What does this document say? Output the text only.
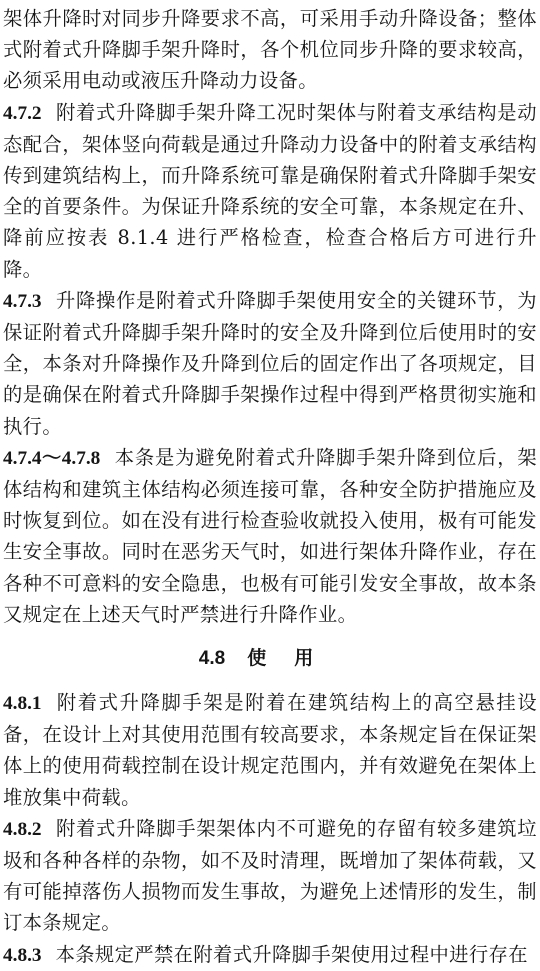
架体升降时对同步升降要求不高，可采用手动升降设备；整体式附着式升降脚手架升降时，各个机位同步升降的要求较高，必须采用电动或液压升降动力设备。

4.7.2 附着式升降脚手架升降工况时架体与附着支承结构是动态配合，架体竖向荷载是通过升降动力设备中的附着支承结构传到建筑结构上，而升降系统可靠是确保附着式升降脚手架安全的首要条件。为保证升降系统的安全可靠，本条规定在升、降前应按表 8.1.4 进行严格检查，检查合格后方可进行升降。

4.7.3 升降操作是附着式升降脚手架使用安全的关键环节，为保证附着式升降脚手架升降时的安全及升降到位后使用时的安全，本条对升降操作及升降到位后的固定作出了各项规定，目的是确保在附着式升降脚手架操作过程中得到严格贯彻实施和执行。

4.7.4～4.7.8 本条是为避免附着式升降脚手架升降到位后，架体结构和建筑主体结构必须连接可靠，各种安全防护措施应及时恢复到位。如在没有进行检查验收就投入使用，极有可能发生安全事故。同时在恶劣天气时，如进行架体升降作业，存在各种不可意料的安全隐患，也极有可能引发安全事故，故本条又规定在上述天气时严禁进行升降作业。

4.8 使用

4.8.1 附着式升降脚手架是附着在建筑结构上的高空悬挂设备，在设计上对其使用范围有较高要求，本条规定旨在保证架体上的使用荷载控制在设计规定范围内，并有效避免在架体上堆放集中荷载。

4.8.2 附着式升降脚手架架体内不可避免的存留有较多建筑垃圾和各种各样的杂物，如不及时清理，既增加了架体荷载，又有可能掉落伤人损物而发生事故，为避免上述情形的发生，制订本条规定。

4.8.3 本条规定严禁在附着式升降脚手架使用过程中进行存在
